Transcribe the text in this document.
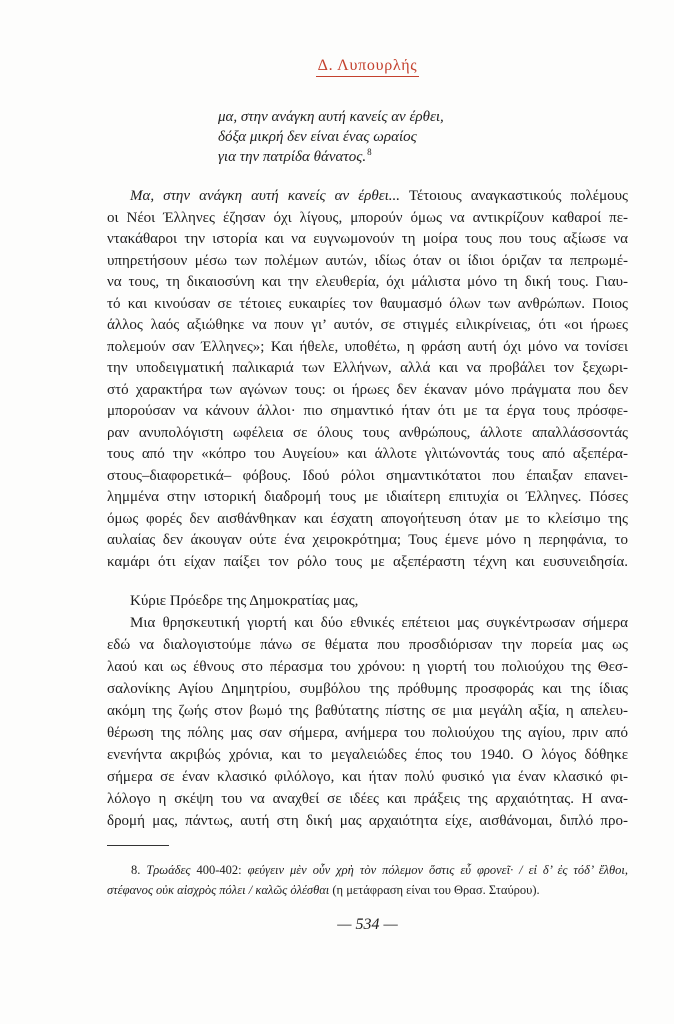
Δ. Λυπουρλής
μα, στην ανάγκη αυτή κανείς αν έρθει,
δόξα μικρή δεν είναι ένας ωραίος
για την πατρίδα θάνατος.$^8$
Μα, στην ανάγκη αυτή κανείς αν έρθει... Τέτοιους αναγκαστικούς πολέμους
οι Νέοι Έλληνες έζησαν όχι λίγους, μπορούν όμως να αντικρίζουν καθαροί πε-
ντακάθαροι την ιστορία και να ευγνωμονούν τη μοίρα τους που τους αξίωσε να
υπηρετήσουν μέσω των πολέμων αυτών, ιδίως όταν οι ίδιοι όριζαν τα πεπρωμέ-
να τους, τη δικαιοσύνη και την ελευθερία, όχι μάλιστα μόνο τη δική τους. Γιαυ-
τό και κινούσαν σε τέτοιες ευκαιρίες τον θαυμασμό όλων των ανθρώπων. Ποιος
άλλος λαός αξιώθηκε να πουν γι’ αυτόν, σε στιγμές ειλικρίνειας, ότι «οι ήρωες
πολεμούν σαν Έλληνες»; Και ήθελε, υποθέτω, η φράση αυτή όχι μόνο να τονίσει
την υποδειγματική παλικαριά των Ελλήνων, αλλά και να προβάλει τον ξεχωρι-
στό χαρακτήρα των αγώνων τους: οι ήρωες δεν έκαναν μόνο πράγματα που δεν
μπορούσαν να κάνουν άλλοι· πιο σημαντικό ήταν ότι με τα έργα τους πρόσφε-
ραν ανυπολόγιστη ωφέλεια σε όλους τους ανθρώπους, άλλοτε απαλλάσσοντάς
τους από την «κόπρο του Αυγείου» και άλλοτε γλιτώνοντάς τους από αξεπέρα-
στους–διαφορετικά– φόβους. Ιδού ρόλοι σημαντικότατοι που έπαιξαν επανει-
λημμένα στην ιστορική διαδρομή τους με ιδιαίτερη επιτυχία οι Έλληνες. Πόσες
όμως φορές δεν αισθάνθηκαν και έσχατη απογοήτευση όταν με το κλείσιμο της
αυλαίας δεν άκουγαν ούτε ένα χειροκρότημα; Τους έμενε μόνο η περηφάνια, το
καμάρι ότι είχαν παίξει τον ρόλο τους με αξεπέραστη τέχνη και ευσυνειδησία.
Κύριε Πρόεδρε της Δημοκρατίας μας,
Μια θρησκευτική γιορτή και δύο εθνικές επέτειοι μας συγκέντρωσαν σήμερα
εδώ να διαλογιστούμε πάνω σε θέματα που προσδιόρισαν την πορεία μας ως
λαού και ως έθνους στο πέρασμα του χρόνου: η γιορτή του πολιούχου της Θεσ-
σαλονίκης Αγίου Δημητρίου, συμβόλου της πρόθυμης προσφοράς και της ίδιας
ακόμη της ζωής στον βωμό της βαθύτατης πίστης σε μια μεγάλη αξία, η απελευ-
θέρωση της πόλης μας σαν σήμερα, ανήμερα του πολιούχου της αγίου, πριν από
ενενήντα ακριβώς χρόνια, και το μεγαλειώδες έπος του 1940. Ο λόγος δόθηκε
σήμερα σε έναν κλασικό φιλόλογο, και ήταν πολύ φυσικό για έναν κλασικό φι-
λόλογο η σκέψη του να αναχθεί σε ιδέες και πράξεις της αρχαιότητας. Η ανα-
δρομή μας, πάντως, αυτή στη δική μας αρχαιότητα είχε, αισθάνομαι, διπλό προ-
8. Τρωάδες 400-402: φεύγειν μὲν οὖν χρὴ τὸν πόλεμον ὅστις εὖ φρονεῖ· / εἰ δ’ ἐς τόδ’ ἔλθοι,
στέφανος οὐκ αἰσχρὸς πόλει / καλῶς ὀλέσθαι (η μετάφραση είναι του Θρασ. Σταύρου).
— 534 —
